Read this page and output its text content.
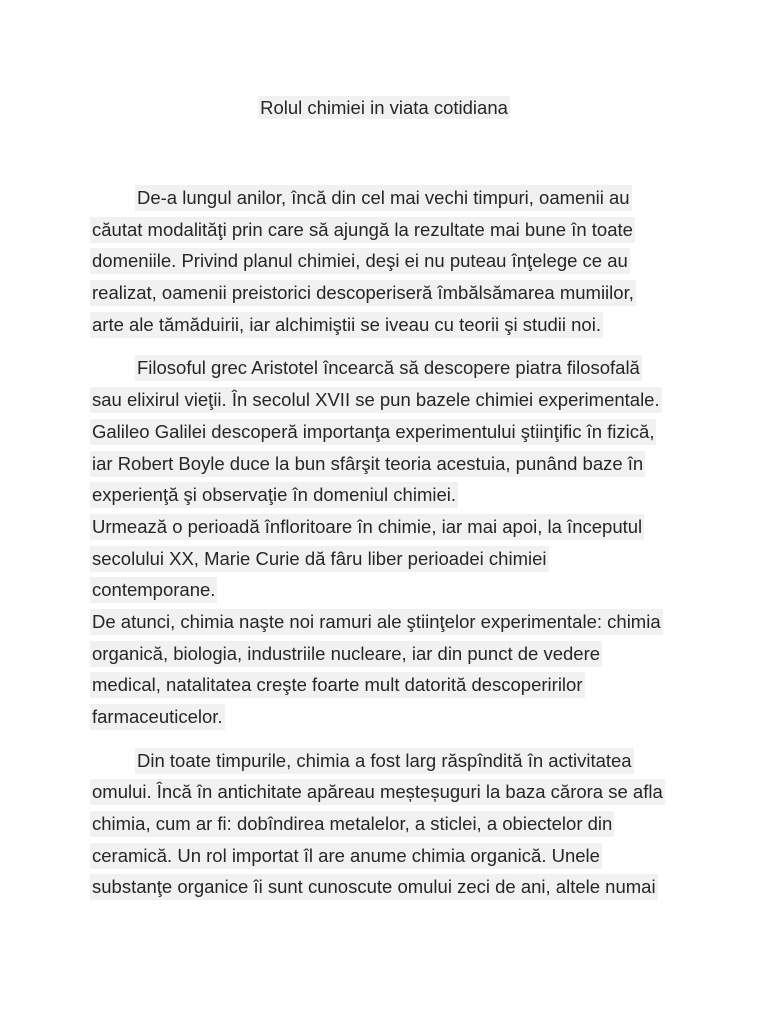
Rolul chimiei in viata cotidiana
De-a lungul anilor, încă din cel mai vechi timpuri, oamenii au
căutat modalităţi prin care să ajungă la rezultate mai bune în toate
domeniile. Privind planul chimiei, deşi ei nu puteau înţelege ce au
realizat, oamenii preistorici descoperiseră îmbălsămarea mumiilor,
arte ale tămăduirii, iar alchimiştii se iveau cu teorii şi studii noi.
Filosoful grec Aristotel încearcă să descopere piatra filosofală
sau elixirul vieţii. În secolul XVII se pun bazele chimiei experimentale.
Galileo Galilei descoperă importanţa experimentului ştiinţific în fizică,
iar Robert Boyle duce la bun sfârşit teoria acestuia, punând baze în
experienţă şi observaţie în domeniul chimiei.
Urmează o perioadă înfloritoare în chimie, iar mai apoi, la începutul
secolului XX, Marie Curie dă fâru liber perioadei chimiei
contemporane.
De atunci, chimia naşte noi ramuri ale ştiinţelor experimentale: chimia
organică, biologia, industriile nucleare, iar din punct de vedere
medical, natalitatea creşte foarte mult datorită descoperirilor
farmaceuticelor.
Din toate timpurile, chimia a fost larg răspîndită în activitatea
omului. Încă în antichitate apăreau meșteșuguri la baza cărora se afla
chimia, cum ar fi: dobîndirea metalelor, a sticlei, a obiectelor din
ceramică. Un rol importat îl are anume chimia organică. Unele
substanţe organice îi sunt cunoscute omului zeci de ani, altele numai
